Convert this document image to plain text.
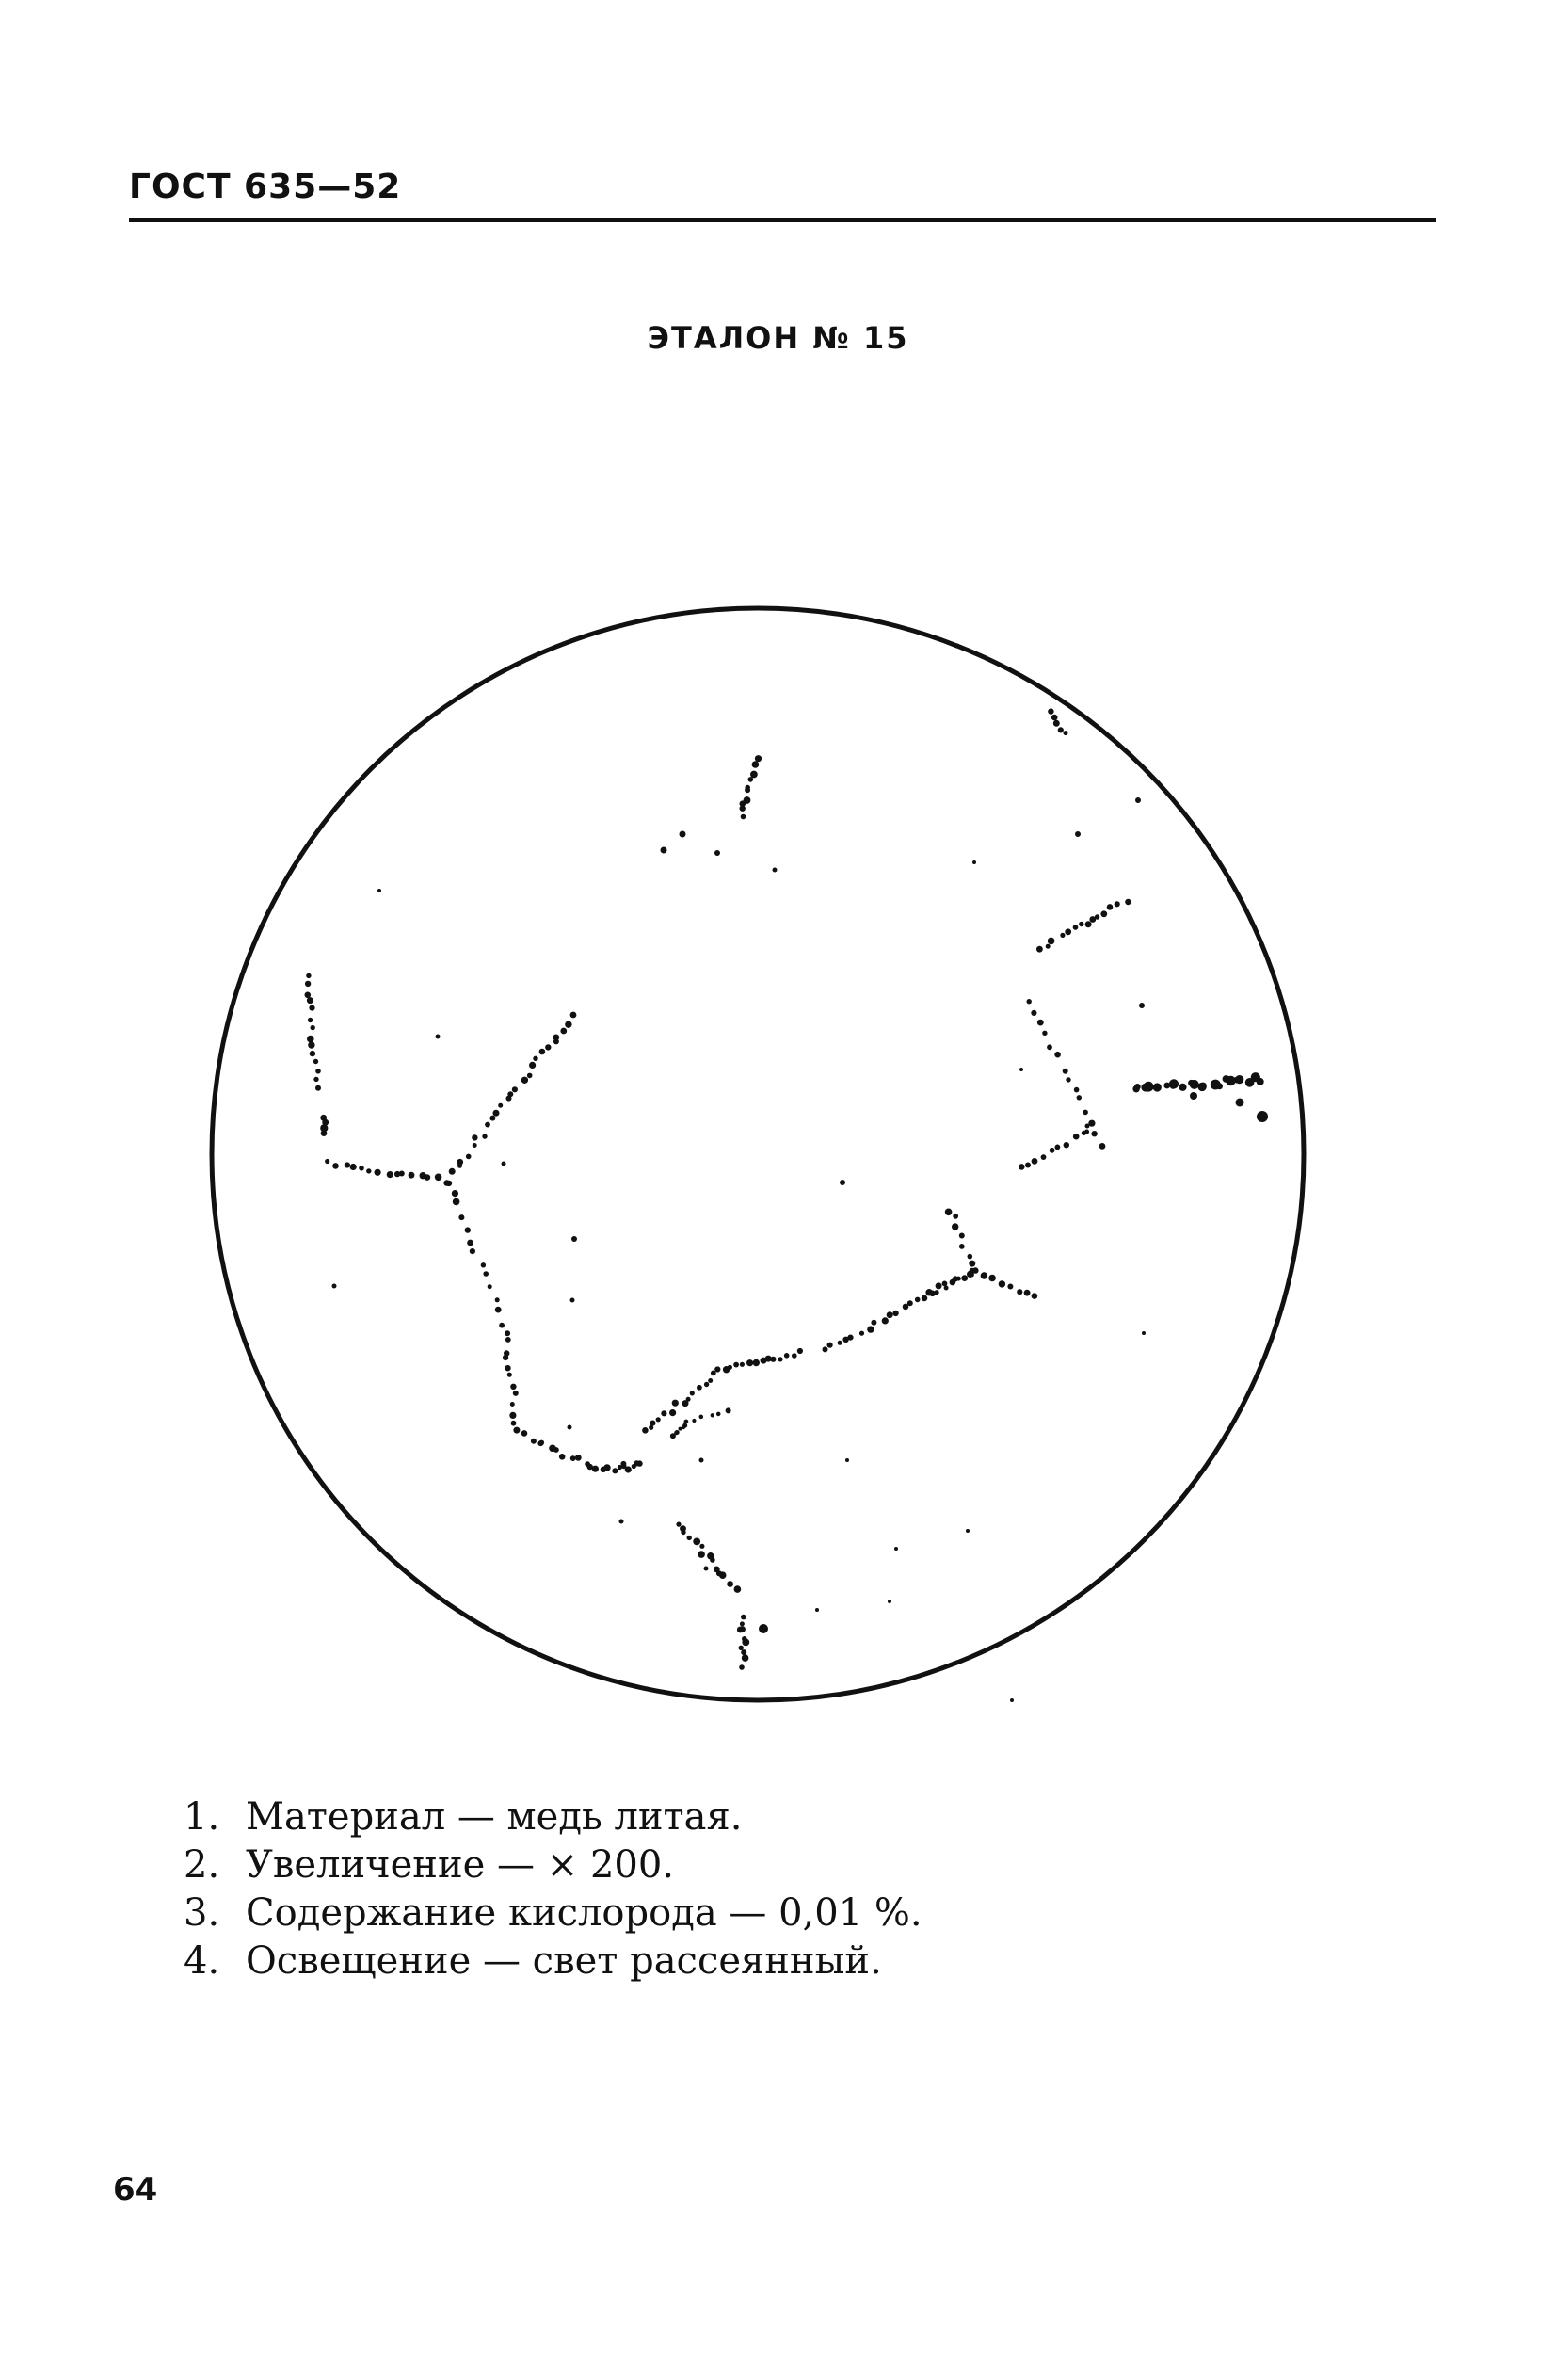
ГОСТ 635—52
ЭТАЛОН № 15
1. Материал — медь литая.
2. Увеличение — × 200.
3. Содержание кислорода — 0,01 %.
4. Освещение — свет рассеянный.
64
